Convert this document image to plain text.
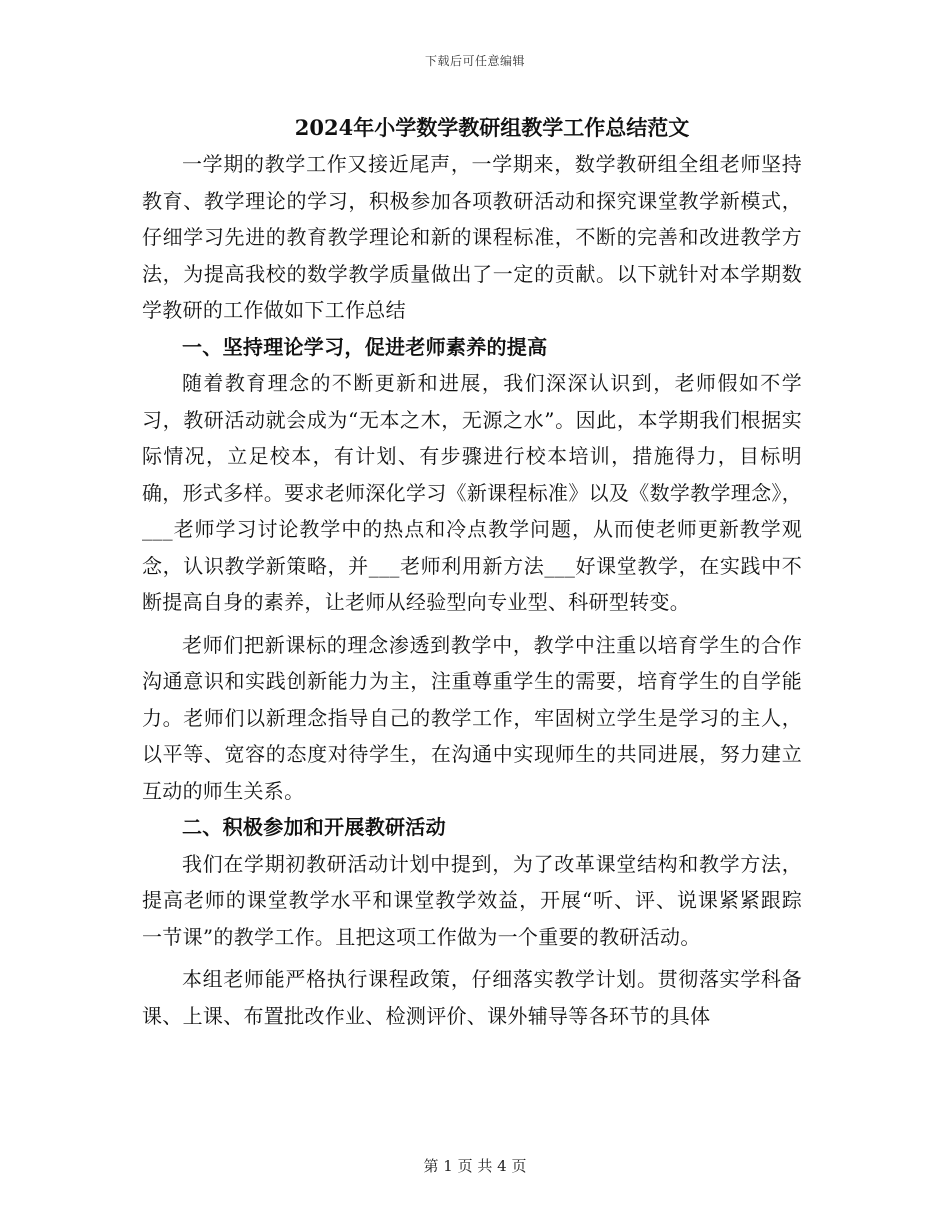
下载后可任意编辑
2024年小学数学教研组教学工作总结范文

一学期的教学工作又接近尾声，一学期来，数学教研组全组老师坚持教育、教学理论的学习，积极参加各项教研活动和探究课堂教学新模式，仔细学习先进的教育教学理论和新的课程标准，不断的完善和改进教学方法，为提高我校的数学教学质量做出了一定的贡献。以下就针对本学期数学教研的工作做如下工作总结

一、坚持理论学习，促进老师素养的提高

随着教育理念的不断更新和进展，我们深深认识到，老师假如不学习，教研活动就会成为“无本之木，无源之水”。因此，本学期我们根据实际情况，立足校本，有计划、有步骤进行校本培训，措施得力，目标明确，形式多样。要求老师深化学习《新课程标准》以及《数学教学理念》，___老师学习讨论教学中的热点和冷点教学问题，从而使老师更新教学观念，认识教学新策略，并___老师利用新方法___好课堂教学，在实践中不断提高自身的素养，让老师从经验型向专业型、科研型转变。

老师们把新课标的理念渗透到教学中，教学中注重以培育学生的合作沟通意识和实践创新能力为主，注重尊重学生的需要，培育学生的自学能力。老师们以新理念指导自己的教学工作，牢固树立学生是学习的主人，以平等、宽容的态度对待学生，在沟通中实现师生的共同进展，努力建立互动的师生关系。

二、积极参加和开展教研活动

我们在学期初教研活动计划中提到，为了改革课堂结构和教学方法，提高老师的课堂教学水平和课堂教学效益，开展“听、评、说课紧紧跟踪一节课”的教学工作。且把这项工作做为一个重要的教研活动。

本组老师能严格执行课程政策，仔细落实教学计划。贯彻落实学科备课、上课、布置批改作业、检测评价、课外辅导等各环节的具体

第 1 页 共 4 页
